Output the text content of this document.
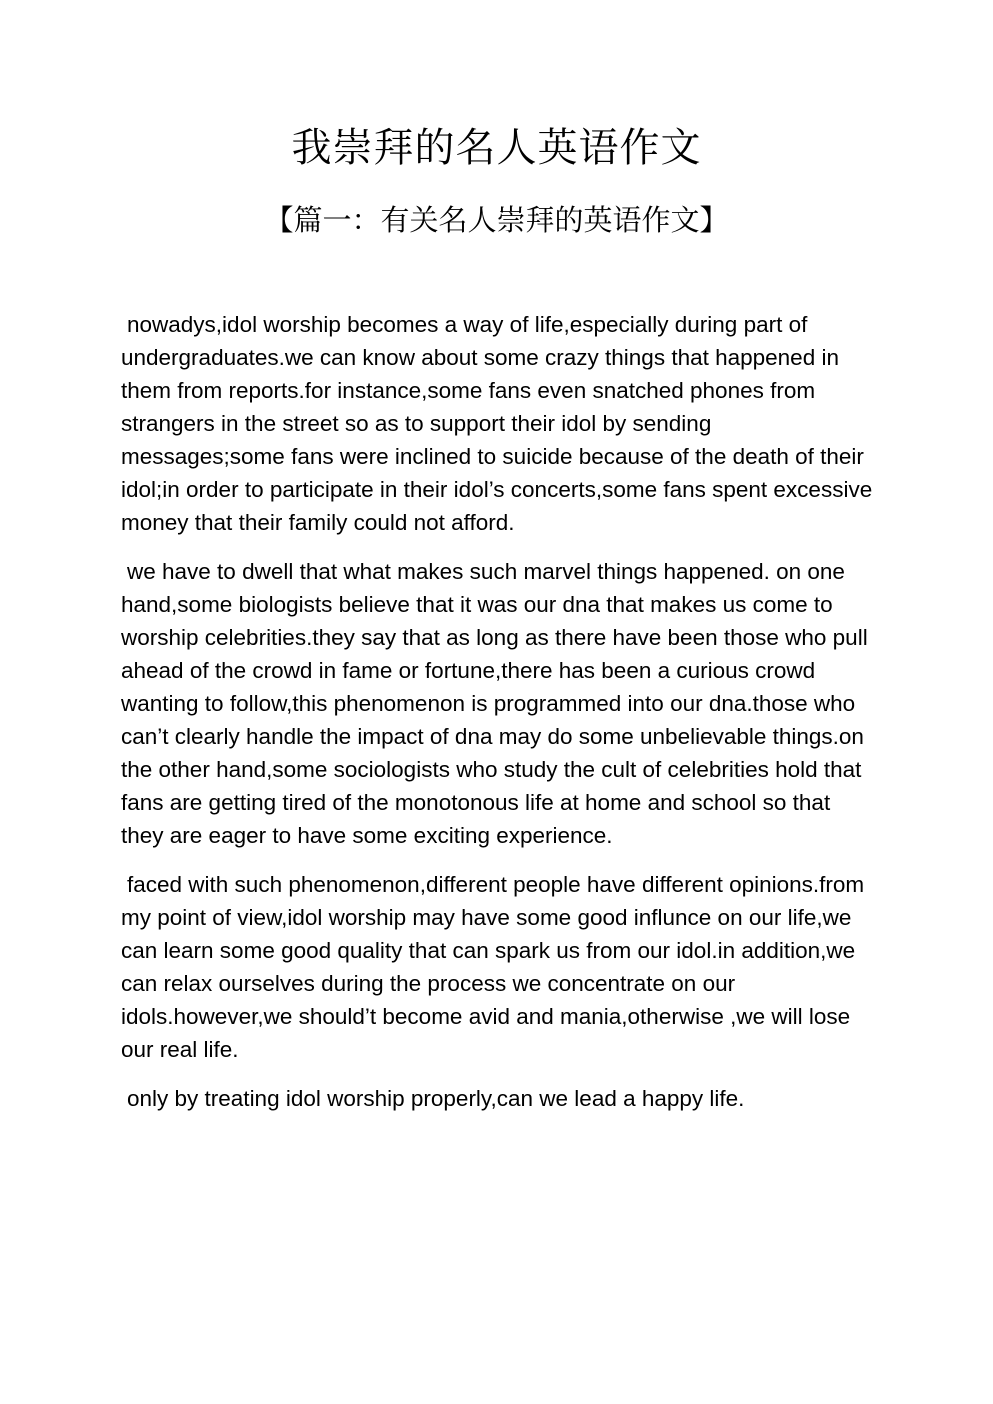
我崇拜的名人英语作文
【篇一：有关名人崇拜的英语作文】

nowadys,idol worship becomes a way of life,especially during part of undergraduates.we can know about some crazy things that happened in them from reports.for instance,some fans even snatched phones from strangers in the street so as to support their idol by sending messages;some fans were inclined to suicide because of the death of their idol;in order to participate in their idol’s concerts,some fans spent excessive money that their family could not afford.

we have to dwell that what makes such marvel things happened. on one hand,some biologists believe that it was our dna that makes us come to worship celebrities.they say that as long as there have been those who pull ahead of the crowd in fame or fortune,there has been a curious crowd wanting to follow,this phenomenon is programmed into our dna.those who can’t clearly handle the impact of dna may do some unbelievable things.on the other hand,some sociologists who study the cult of celebrities hold that fans are getting tired of the monotonous life at home and school so that they are eager to have some exciting experience.

faced with such phenomenon,different people have different opinions.from my point of view,idol worship may have some good influnce on our life,we can learn some good quality that can spark us from our idol.in addition,we can relax ourselves during the process we concentrate on our idols.however,we should’t become avid and mania,otherwise ,we will lose our real life.

only by treating idol worship properly,can we lead a happy life.
